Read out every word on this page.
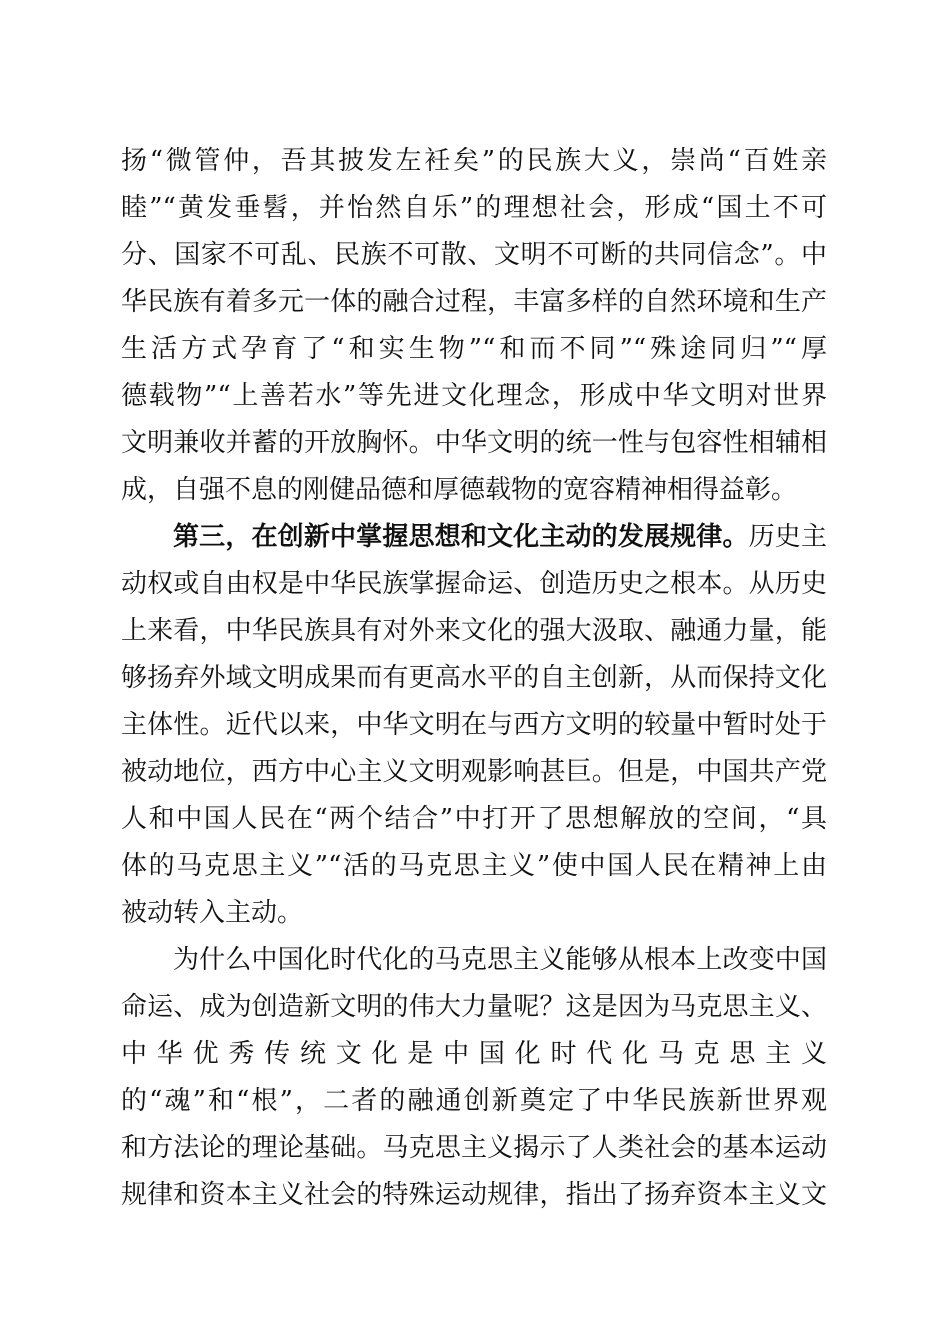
扬“微管仲，吾其披发左衽矣”的民族大义，崇尚“百姓亲
睦”“黄发垂髫，并怡然自乐”的理想社会，形成“国土不可
分、国家不可乱、民族不可散、文明不可断的共同信念”。中
华民族有着多元一体的融合过程，丰富多样的自然环境和生产
生活方式孕育了“和实生物”“和而不同”“殊途同归”“厚
德载物”“上善若水”等先进文化理念，形成中华文明对世界
文明兼收并蓄的开放胸怀。中华文明的统一性与包容性相辅相
成，自强不息的刚健品德和厚德载物的宽容精神相得益彰。
第三，在创新中掌握思想和文化主动的发展规律。历史主
动权或自由权是中华民族掌握命运、创造历史之根本。从历史
上来看，中华民族具有对外来文化的强大汲取、融通力量，能
够扬弃外域文明成果而有更高水平的自主创新，从而保持文化
主体性。近代以来，中华文明在与西方文明的较量中暂时处于
被动地位，西方中心主义文明观影响甚巨。但是，中国共产党
人和中国人民在“两个结合”中打开了思想解放的空间，“具
体的马克思主义”“活的马克思主义”使中国人民在精神上由
被动转入主动。
为什么中国化时代化的马克思主义能够从根本上改变中国
命运、成为创造新文明的伟大力量呢？这是因为马克思主义、
中华优秀传统文化是中国化时代化马克思主义
的“魂”和“根”，二者的融通创新奠定了中华民族新世界观
和方法论的理论基础。马克思主义揭示了人类社会的基本运动
规律和资本主义社会的特殊运动规律，指出了扬弃资本主义文
